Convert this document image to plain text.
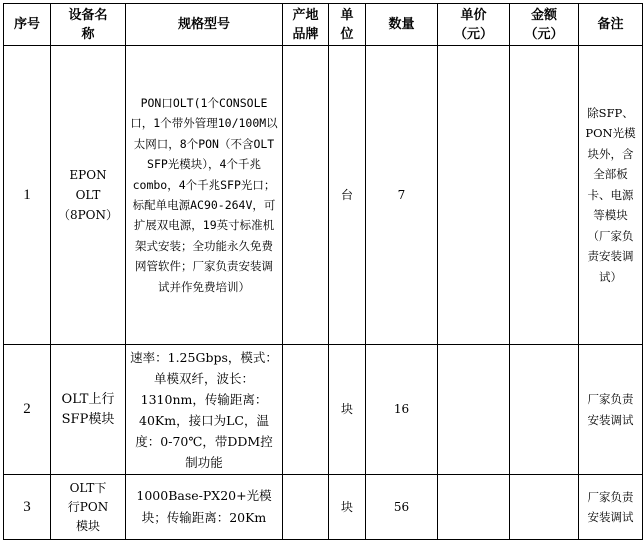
序号	设备名称	规格型号	产地品牌	单位	数量	单价（元）	金额（元）	备注
1	EPON OLT（8PON）	PON口OLT(1个CONSOLE口，1个带外管理10/100M以太网口，8个PON（不含OLT SFP光模块），4个千兆combo，4个千兆SFP光口；标配单电源AC90-264V，可扩展双电源，19英寸标准机架式安装；全功能永久免费网管软件；厂家负责安装调试并作免费培训）		台	7			除SFP、PON光模块外，含全部板卡、电源等模块（厂家负责安装调试）

2	OLT上行SFP模块	速率：1.25Gbps，模式：单模双纤，波长：1310nm，传输距离：40Km，接口为LC，温度：0-70℃，带DDM控制功能		块	16			厂家负责安装调试

3	OLT下行PON模块	1000Base-PX20+光模块；传输距离：20Km		块	56			厂家负责安装调试
